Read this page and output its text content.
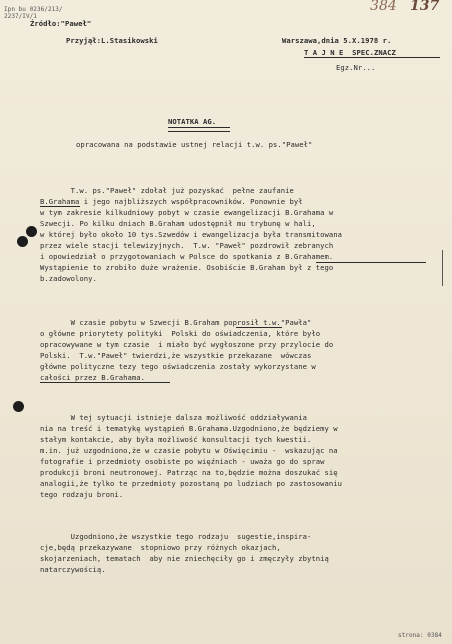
Ipn bu 0236/213/
2237/IV/1
384 137
Źródło:"Paweł"
Przyjął:L.Stasikowski	Warszawa,dnia 5.X.1978 r.
T A J N E  SPEC.ZNACZ
Egz.Nr...
NOTATKA AG.
opracowana na podstawie ustnej relacji t.w. ps."Paweł"
T.w. ps."Paweł" zdołał już pozyskać  pełne zaufanie
B.Grahama i jego najbliższych współpracowników. Ponownie był
w tym zakresie kilkudniowy pobyt w czasie ewangelizacji B.Grahama w
Szwecji. Po kilku dniach B.Graham udostępnił mu trybunę w hali,
w której było około 10 tys.Szwedów i ewangelizacja była transmitowana
przez wiele stacji telewizyjnych.  T.w. "Paweł" pozdrowił zebranych
i opowiedział o przygotowaniach w Polsce do spotkania z B.Grahamem.
Wystąpienie to zrobiło duże wrażenie. Osobiście B.Graham był z tego
b.zadowolony.
W czasie pobytu w Szwecji B.Graham poprosił t.w."Pawła"
o główne priorytety polityki  Polski do oświadczenia, które było
opracowywane w tym czasie  i miało być wygłoszone przy przylocie do
Polski.  T.w."Paweł" twierdzi,że wszystkie przekazane  wówczas
główne polityczne tezy tego oświadczenia zostały wykorzystane w
całości przez B.Grahama.
W tej sytuacji istnieje dalsza możliwość oddziaływania
nia na treść i tematykę wystąpień B.Grahama.Uzgodniono,że będziemy w
stałym kontakcie, aby była możliwość konsultacji tych kwestii.
m.in. już uzgodniono,że w czasie pobytu w Oświęcimiu -  wskazując na
fotografie i przedmioty osobiste po więźniach - uważa go do spraw
produkcji broni neutronowej. Patrząc na to,będzie można doszukać się
analogii,że tylko te przedmioty pozostaną po ludziach po zastosowaniu
tego rodzaju broni.
Uzgodniono,że wszystkie tego rodzaju  sugestie,inspira-
cje,będą przekazywane  stopniowo przy różnych okazjach,
skojarzeniach, tematach  aby nie zniechęciły go i zmęczyły zbytnią
natarczywością.
strona: 0384
